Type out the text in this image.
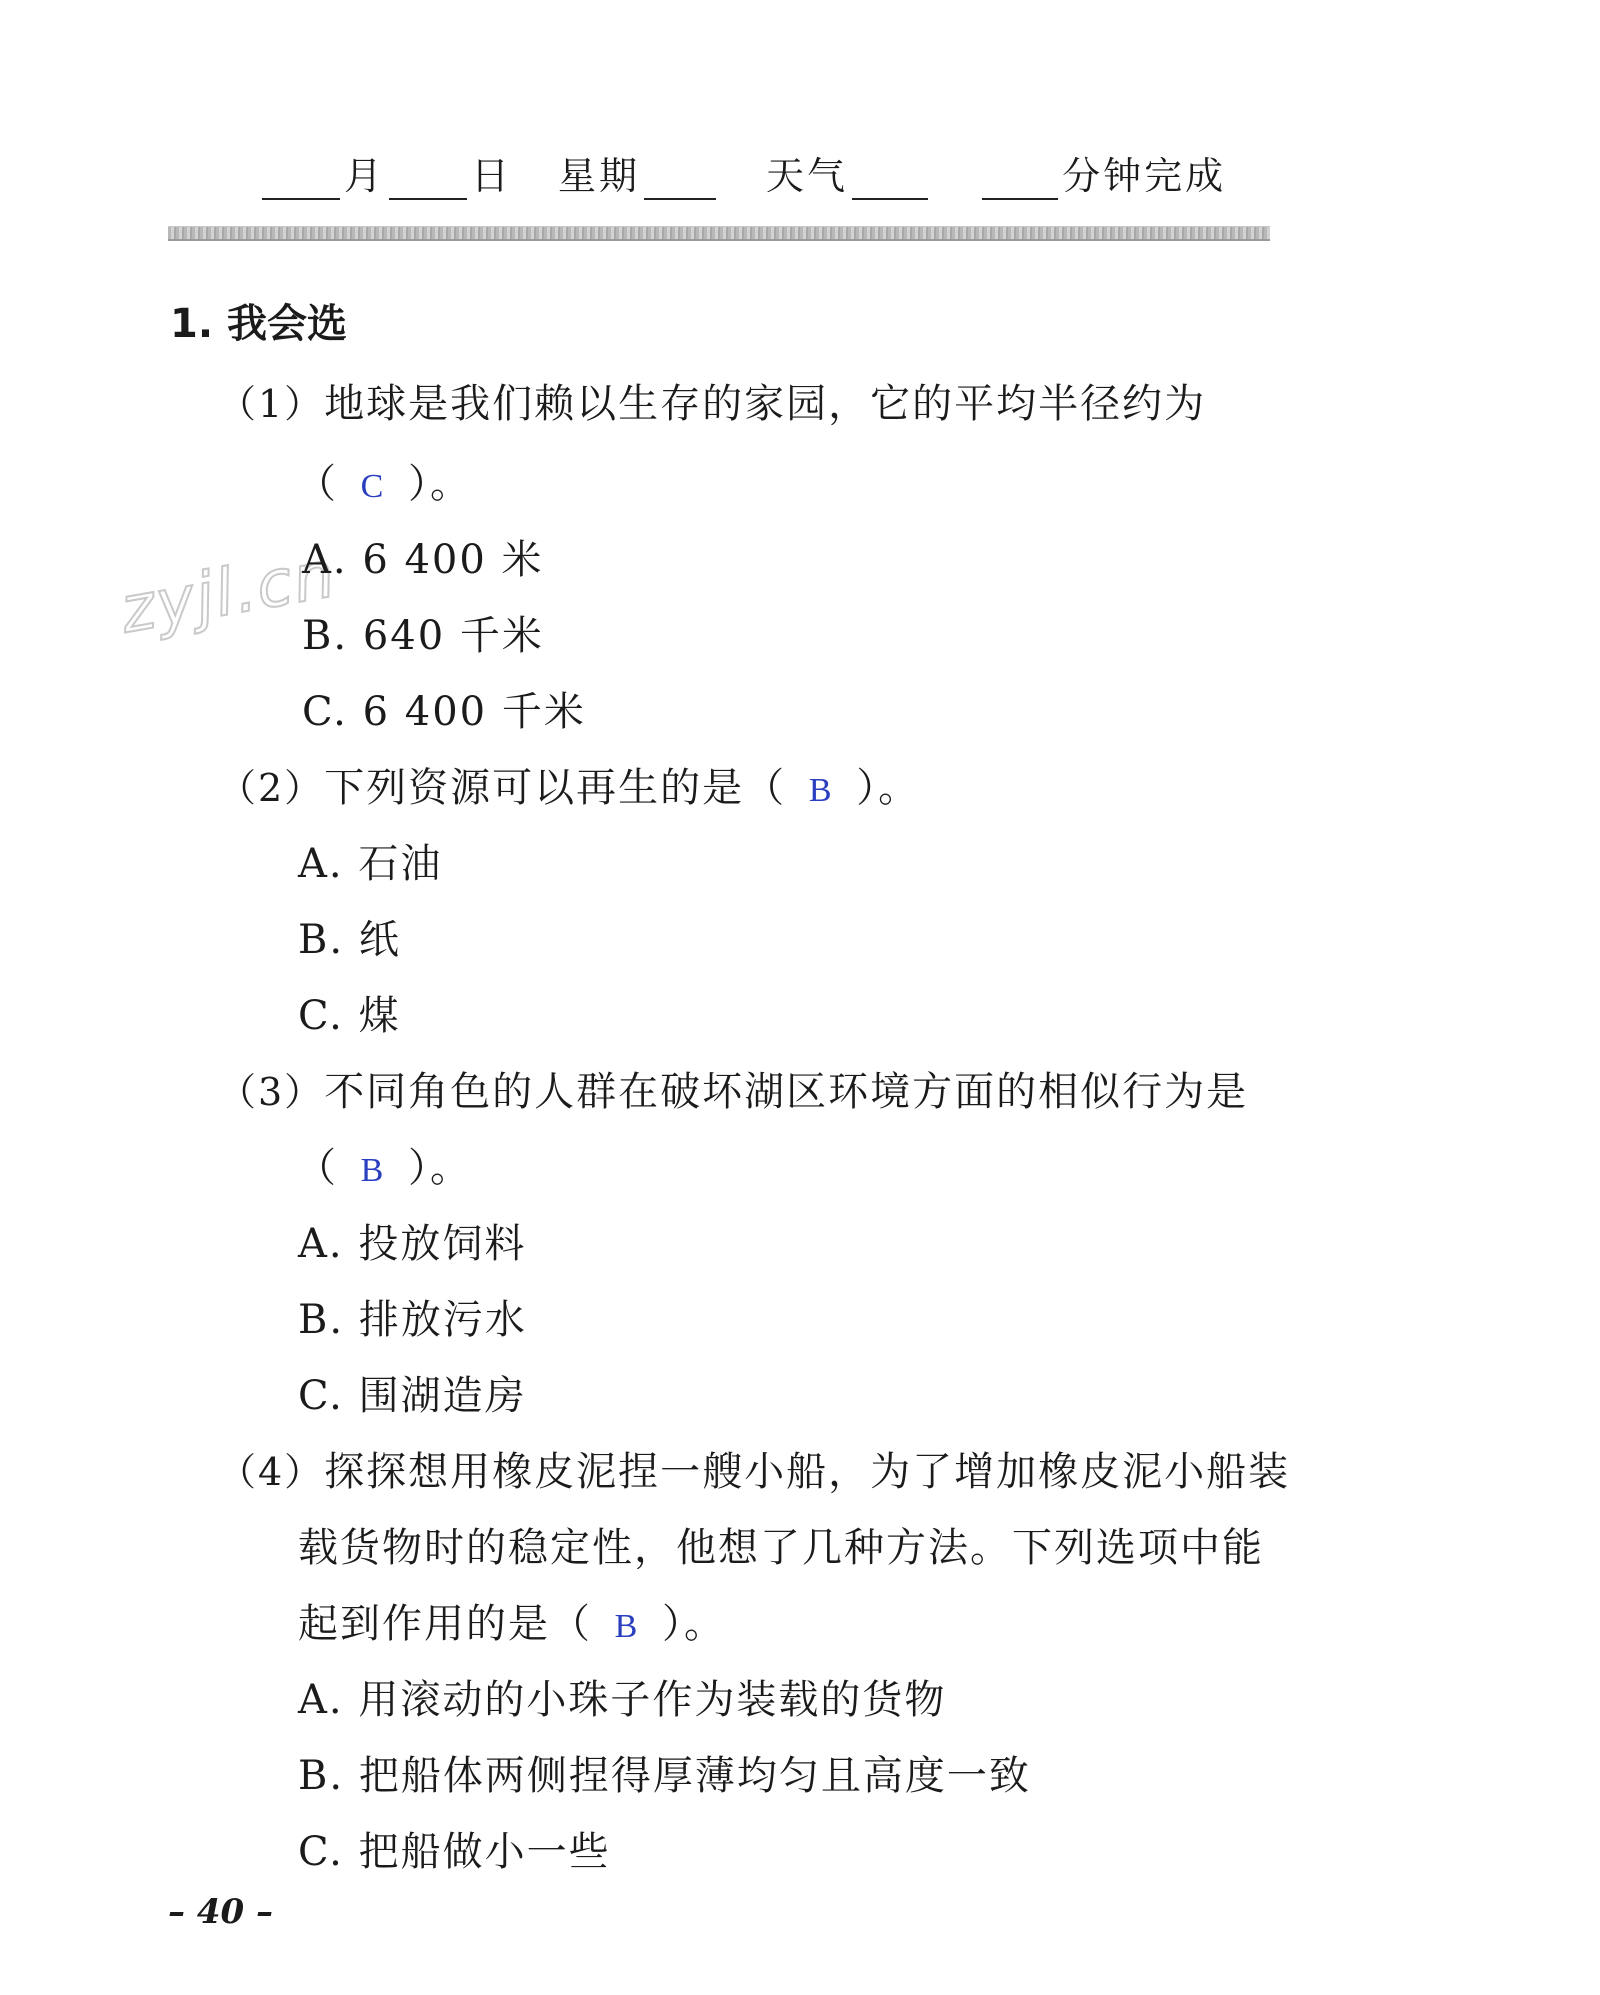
月 日 星期	天气	分钟完成
1. 我会选
zyjl.cn
（1）地球是我们赖以生存的家园，它的平均半径约为
（ C ）。
A. 6 400 米
B. 640 千米
C. 6 400 千米
（2）下列资源可以再生的是（ B ）。
A. 石油
B. 纸
C. 煤
（3）不同角色的人群在破坏湖区环境方面的相似行为是
（ B ）。
A. 投放饲料
B. 排放污水
C. 围湖造房
（4）探探想用橡皮泥捏一艘小船，为了增加橡皮泥小船装
载货物时的稳定性，他想了几种方法。下列选项中能
起到作用的是（ B ）。
A. 用滚动的小珠子作为装载的货物
B. 把船体两侧捏得厚薄均匀且高度一致
C. 把船做小一些
– 40 –
